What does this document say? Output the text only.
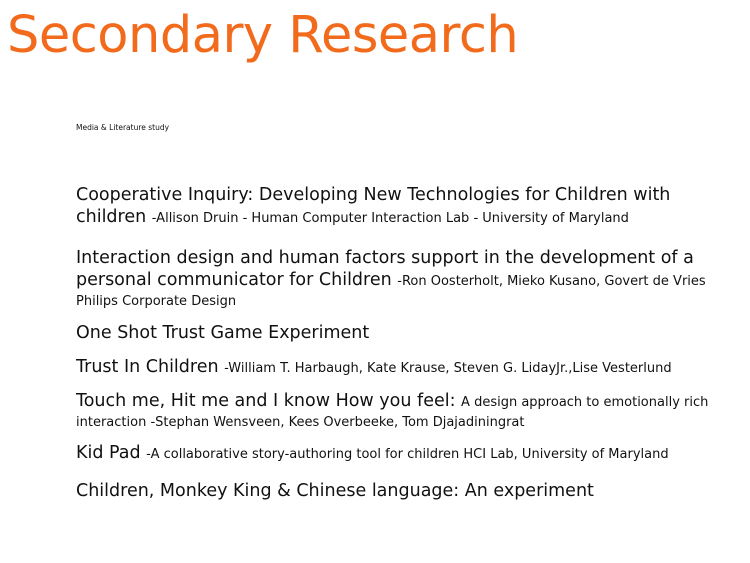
Secondary Research
Media & Literature study
Cooperative Inquiry: Developing New Technologies for Children with
children -Allison Druin - Human Computer Interaction Lab - University of Maryland
Interaction design and human factors support in the development of a
personal communicator for Children -Ron Oosterholt, Mieko Kusano, Govert de Vries
Philips Corporate Design
One Shot Trust Game Experiment
Trust In Children -William T. Harbaugh, Kate Krause, Steven G. LidayJr.,Lise Vesterlund
Touch me, Hit me and I know How you feel: A design approach to emotionally rich
interaction -Stephan Wensveen, Kees Overbeeke, Tom Djajadiningrat
Kid Pad -A collaborative story-authoring tool for children HCI Lab, University of Maryland
Children, Monkey King & Chinese language: An experiment
